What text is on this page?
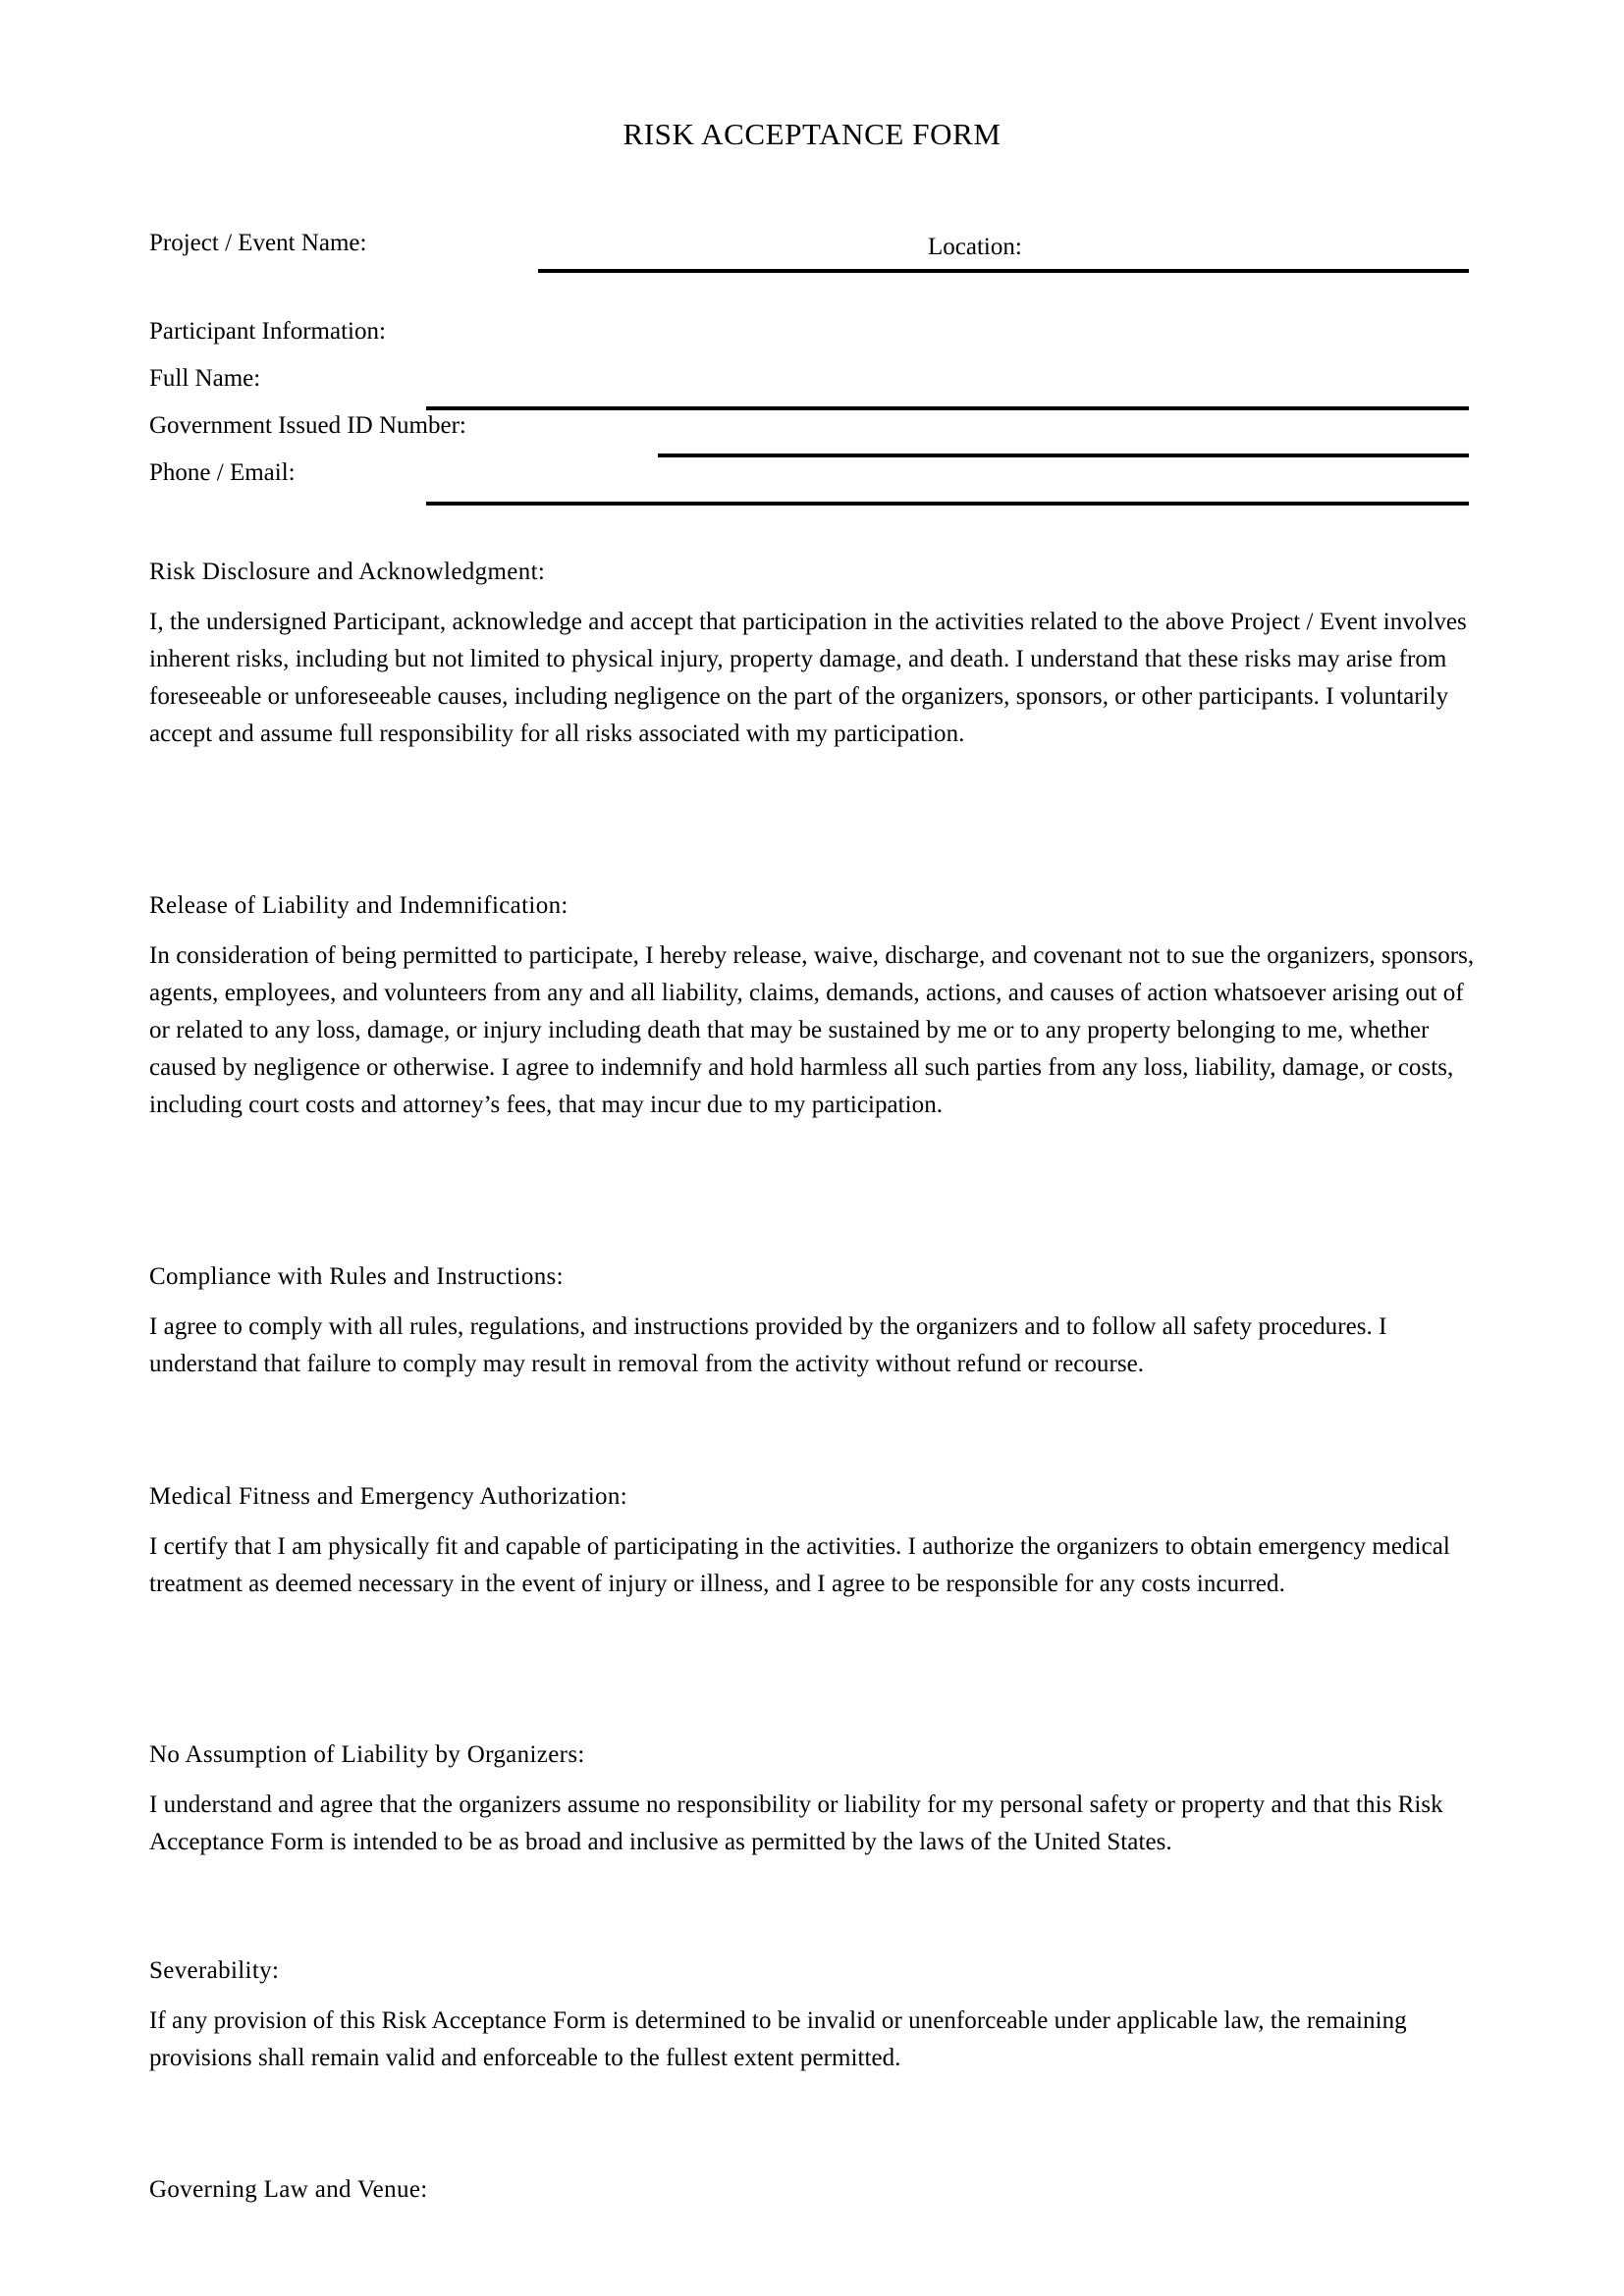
RISK ACCEPTANCE FORM
Project / Event Name:	Location:
Participant Information:
Full Name:
Government Issued ID Number:
Phone / Email:

Risk Disclosure and Acknowledgment:

I, the undersigned Participant, acknowledge and accept that participation in the activities related to the above Project / Event involves inherent risks, including but not limited to physical injury, property damage, and death. I understand that these risks may arise from foreseeable or unforeseeable causes, including negligence on the part of the organizers, sponsors, or other participants. I voluntarily accept and assume full responsibility for all risks associated with my participation.

Release of Liability and Indemnification:

In consideration of being permitted to participate, I hereby release, waive, discharge, and covenant not to sue the organizers, sponsors, agents, employees, and volunteers from any and all liability, claims, demands, actions, and causes of action whatsoever arising out of or related to any loss, damage, or injury including death that may be sustained by me or to any property belonging to me, whether caused by negligence or otherwise. I agree to indemnify and hold harmless all such parties from any loss, liability, damage, or costs, including court costs and attorney’s fees, that may incur due to my participation.

Compliance with Rules and Instructions:

I agree to comply with all rules, regulations, and instructions provided by the organizers and to follow all safety procedures. I understand that failure to comply may result in removal from the activity without refund or recourse.

Medical Fitness and Emergency Authorization:

I certify that I am physically fit and capable of participating in the activities. I authorize the organizers to obtain emergency medical treatment as deemed necessary in the event of injury or illness, and I agree to be responsible for any costs incurred.

No Assumption of Liability by Organizers:

I understand and agree that the organizers assume no responsibility or liability for my personal safety or property and that this Risk Acceptance Form is intended to be as broad and inclusive as permitted by the laws of the United States.

Severability:

If any provision of this Risk Acceptance Form is determined to be invalid or unenforceable under applicable law, the remaining provisions shall remain valid and enforceable to the fullest extent permitted.

Governing Law and Venue:
